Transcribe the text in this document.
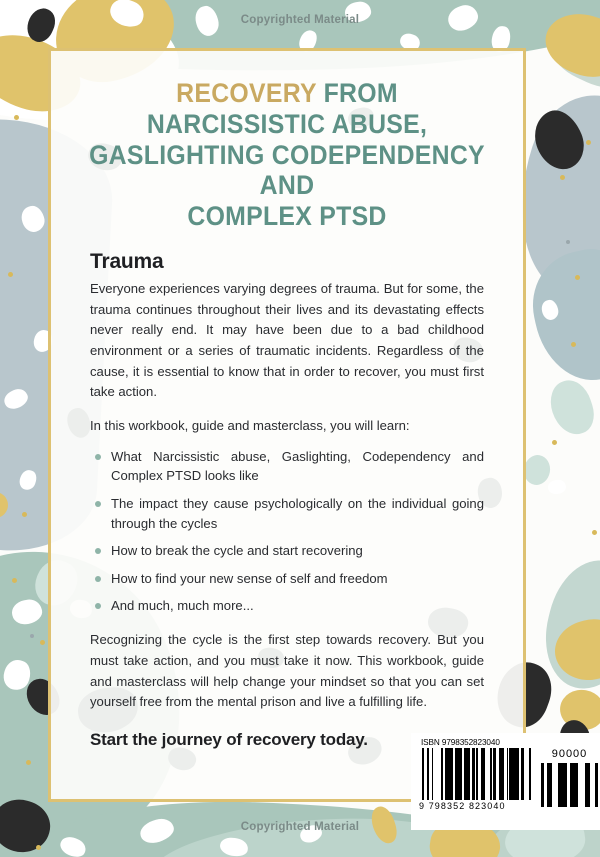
Copyrighted Material
Copyrighted Material
RECOVERY FROM NARCISSISTIC ABUSE,
GASLIGHTING CODEPENDENCY AND
COMPLEX PTSD
Trauma

Everyone experiences varying degrees of trauma. But for some, the trauma continues throughout their lives and its devastating effects never really end. It may have been due to a bad childhood environment or a series of traumatic incidents. Regardless of the cause, it is essential to know that in order to recover, you must first take action.

In this workbook, guide and masterclass, you will learn:

What Narcissistic abuse, Gaslighting, Codependency and Complex PTSD looks like
The impact they cause psychologically on the individual going through the cycles
How to break the cycle and start recovering
How to find your new sense of self and freedom
And much, much more...

Recognizing the cycle is the first step towards recovery. But you must take action, and you must take it now. This workbook, guide and masterclass will help change your mindset so that you can set yourself free from the mental prison and live a fulfilling life.

Start the journey of recovery today.	ISBN 9798352823040
9 798352 823040
90000
